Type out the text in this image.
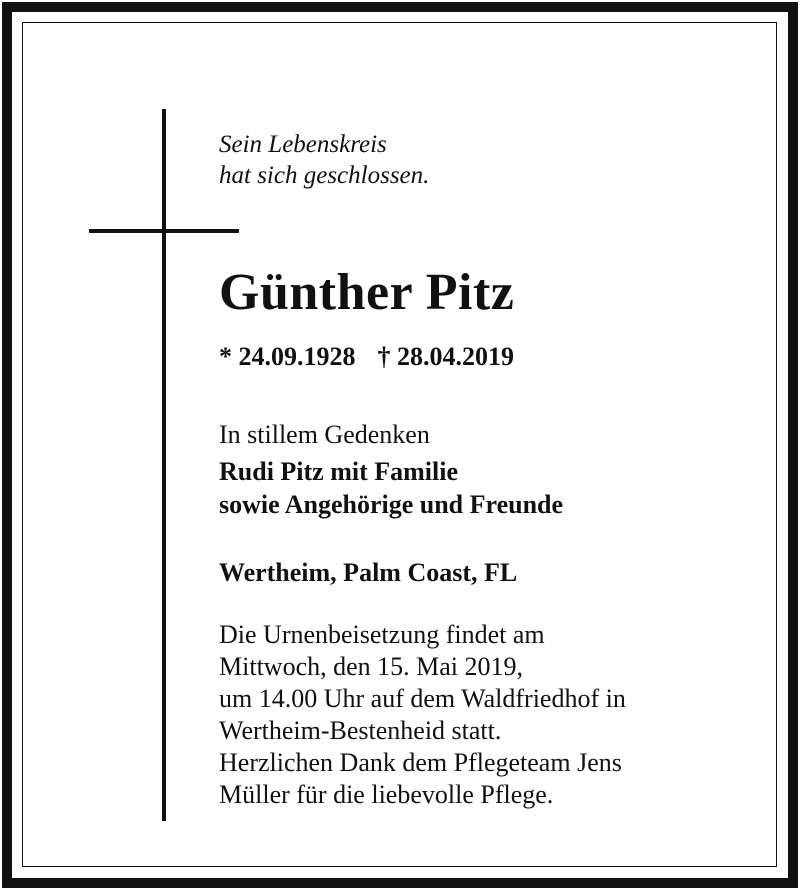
Sein Lebenskreis
hat sich geschlossen.
Günther Pitz
* 24.09.1928 † 28.04.2019
In stillem Gedenken
Rudi Pitz mit Familie
sowie Angehörige und Freunde
Wertheim, Palm Coast, FL
Die Urnenbeisetzung findet am
Mittwoch, den 15. Mai 2019,
um 14.00 Uhr auf dem Waldfriedhof in
Wertheim-Bestenheid statt.
Herzlichen Dank dem Pflegeteam Jens
Müller für die liebevolle Pflege.
